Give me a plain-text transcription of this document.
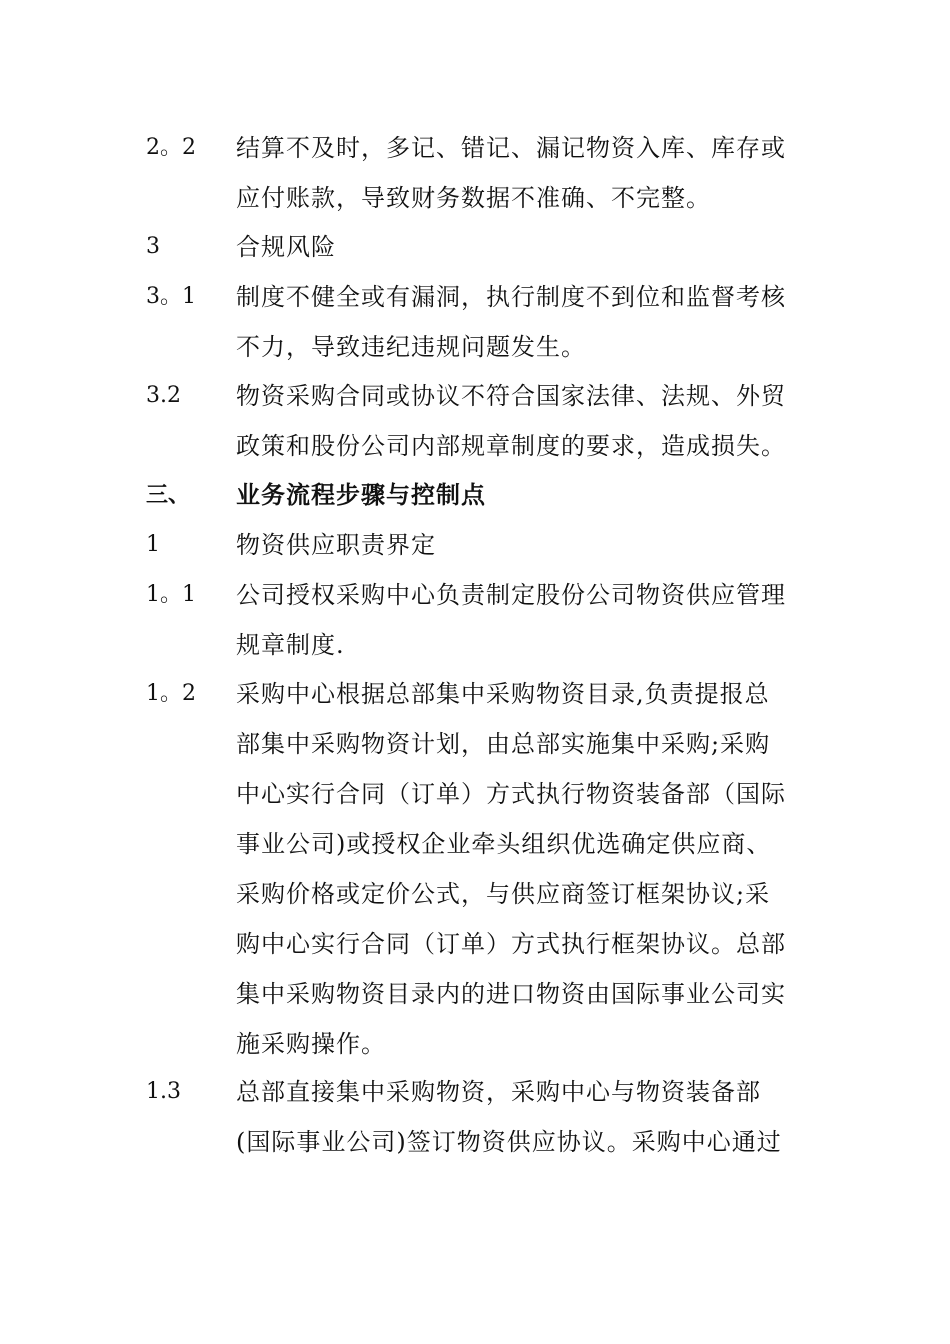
2。2	结算不及时，多记、错记、漏记物资入库、库存或
应付账款，导致财务数据不准确、不完整。
3	合规风险
3。1	制度不健全或有漏洞，执行制度不到位和监督考核
不力，导致违纪违规问题发生。
3.2	物资采购合同或协议不符合国家法律、法规、外贸
政策和股份公司内部规章制度的要求，造成损失。
三、	业务流程步骤与控制点
1	物资供应职责界定
1。1	公司授权采购中心负责制定股份公司物资供应管理
规章制度.
1。2	采购中心根据总部集中采购物资目录,负责提报总
部集中采购物资计划，由总部实施集中采购;采购
中心实行合同（订单）方式执行物资装备部（国际
事业公司)或授权企业牵头组织优选确定供应商、
采购价格或定价公式，与供应商签订框架协议;采
购中心实行合同（订单）方式执行框架协议。总部
集中采购物资目录内的进口物资由国际事业公司实
施采购操作。
1.3	总部直接集中采购物资，采购中心与物资装备部
(国际事业公司)签订物资供应协议。采购中心通过
